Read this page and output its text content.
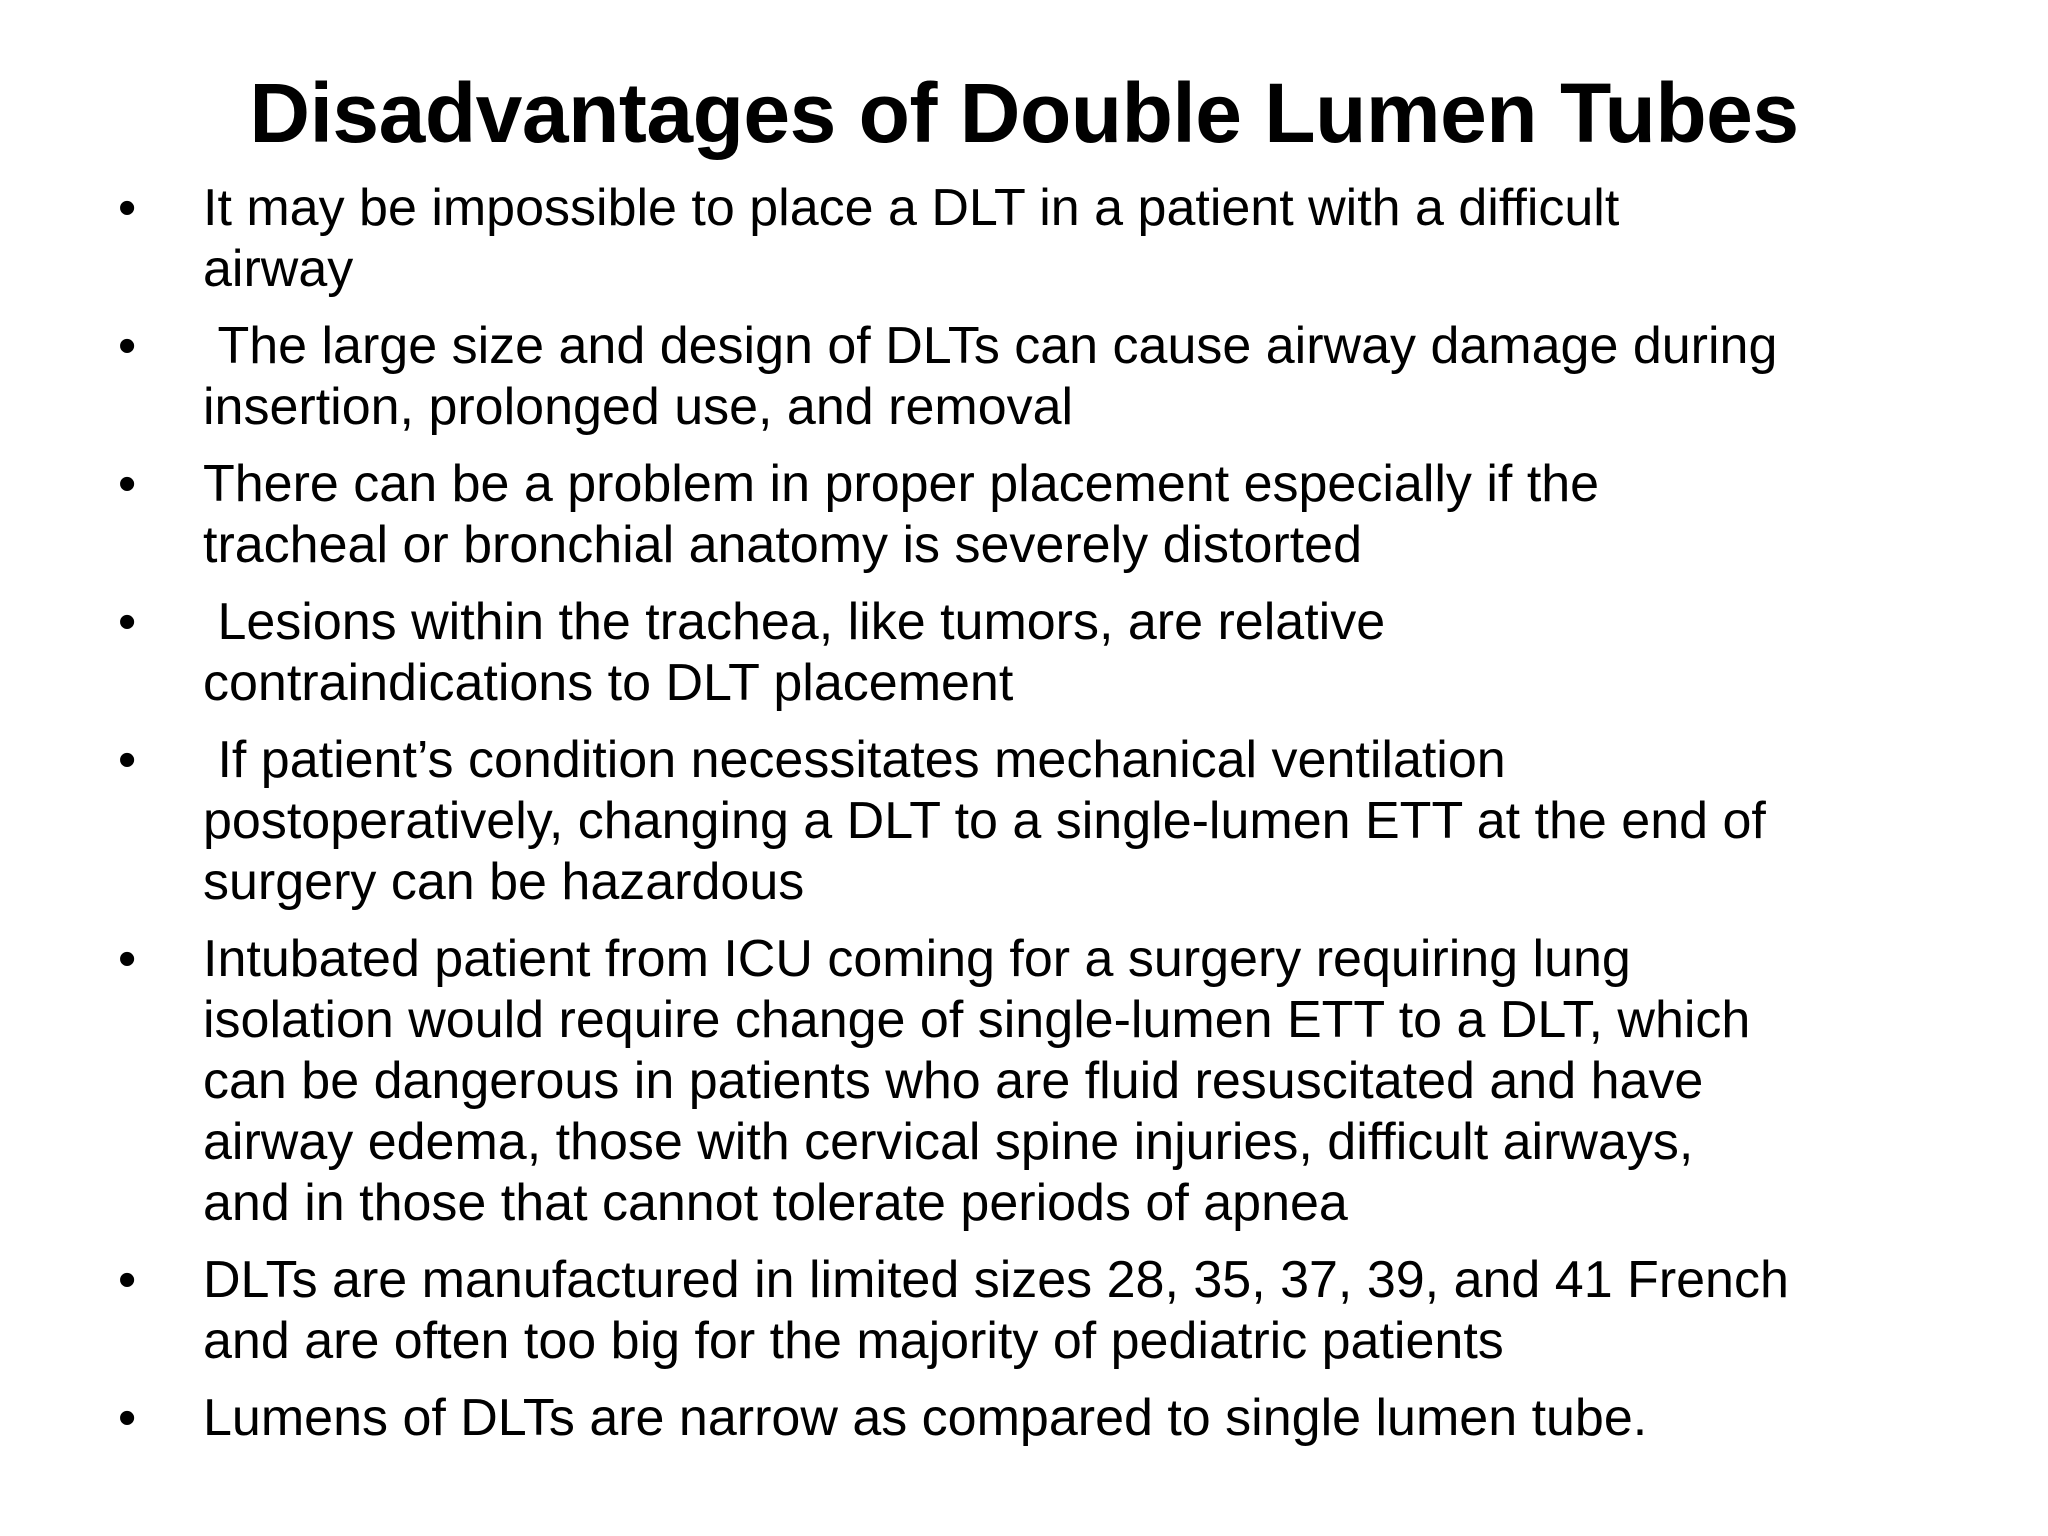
Disadvantages of Double Lumen Tubes
•	It may be impossible to place a DLT in a patient with a difficult
airway
•	The large size and design of DLTs can cause airway damage during
insertion, prolonged use, and removal
•	There can be a problem in proper placement especially if the
tracheal or bronchial anatomy is severely distorted
•	Lesions within the trachea, like tumors, are relative
contraindications to DLT placement
•	If patient’s condition necessitates mechanical ventilation
postoperatively, changing a DLT to a single-lumen ETT at the end of
surgery can be hazardous
•	Intubated patient from ICU coming for a surgery requiring lung
isolation would require change of single-lumen ETT to a DLT, which
can be dangerous in patients who are fluid resuscitated and have
airway edema, those with cervical spine injuries, difficult airways,
and in those that cannot tolerate periods of apnea
•	DLTs are manufactured in limited sizes 28, 35, 37, 39, and 41 French
and are often too big for the majority of pediatric patients
•	Lumens of DLTs are narrow as compared to single lumen tube.
